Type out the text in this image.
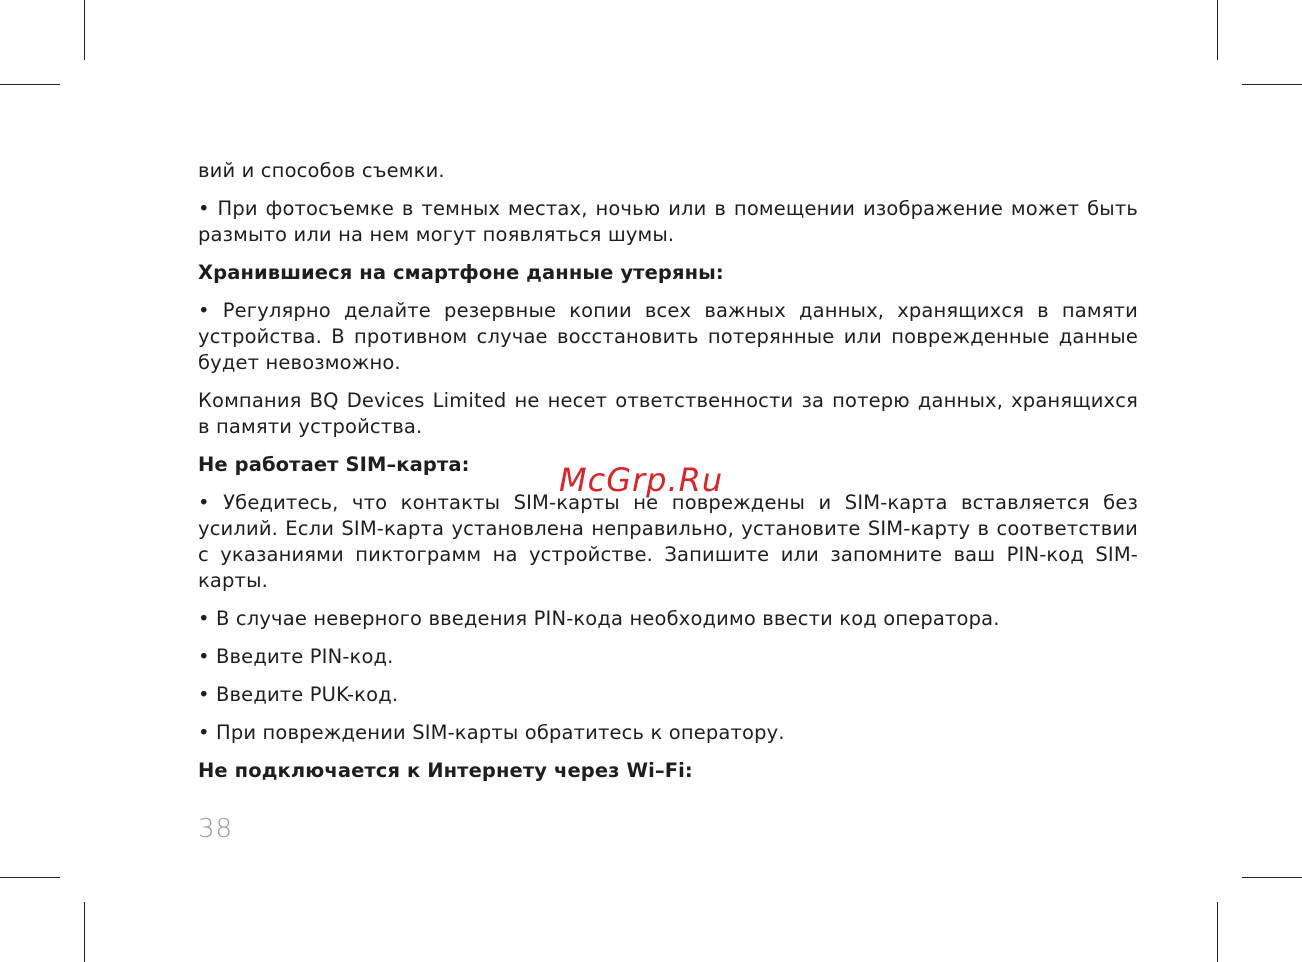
вий и способов съемки.

• При фотосъемке в темных местах, ночью или в помещении изображение может быть размыто или на нем могут появляться шумы.

Хранившиеся на смартфоне данные утеряны:

• Регулярно делайте резервные копии всех важных данных, хранящихся в памяти устройства. В противном случае восстановить потерянные или поврежденные данные будет невозможно.

Компания BQ Devices Limited не несет ответственности за потерю данных, хранящихся в памяти устройства.

Не работает SIM–карта:

• Убедитесь, что контакты SIM-карты не повреждены и SIM-карта вставляется без усилий. Если SIM-карта установлена неправильно, установите SIM-карту в соответствии с указаниями пиктограмм на устройстве. Запишите или запомните ваш PIN-код SIM-карты.

• В случае неверного введения PIN-кода необходимо ввести код оператора.

• Введите PIN-код.

• Введите PUK-код.

• При повреждении SIM-карты обратитесь к оператору.

Не подключается к Интернету через Wi–Fi:

McGrp.Ru
38
